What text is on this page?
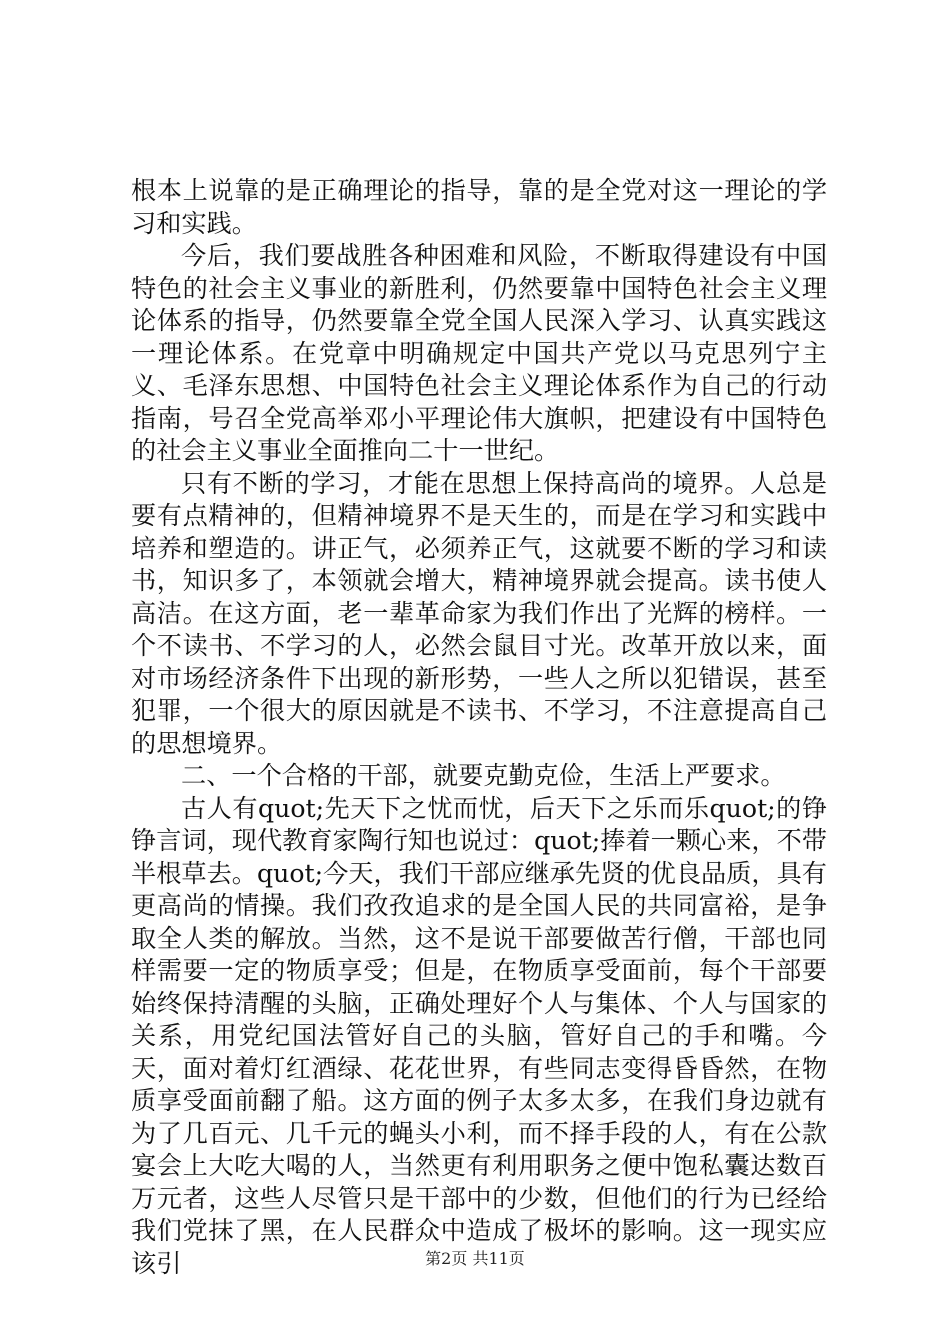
根本上说靠的是正确理论的指导，靠的是全党对这一理论的学习和实践。

今后，我们要战胜各种困难和风险，不断取得建设有中国特色的社会主义事业的新胜利，仍然要靠中国特色社会主义理论体系的指导，仍然要靠全党全国人民深入学习、认真实践这一理论体系。在党章中明确规定中国共产党以马克思列宁主义、毛泽东思想、中国特色社会主义理论体系作为自己的行动指南，号召全党高举邓小平理论伟大旗帜，把建设有中国特色的社会主义事业全面推向二十一世纪。

只有不断的学习，才能在思想上保持高尚的境界。人总是要有点精神的，但精神境界不是天生的，而是在学习和实践中培养和塑造的。讲正气，必须养正气，这就要不断的学习和读书，知识多了，本领就会增大，精神境界就会提高。读书使人高洁。在这方面，老一辈革命家为我们作出了光辉的榜样。一个不读书、不学习的人，必然会鼠目寸光。改革开放以来，面对市场经济条件下出现的新形势，一些人之所以犯错误，甚至犯罪，一个很大的原因就是不读书、不学习，不注意提高自己的思想境界。

二、一个合格的干部，就要克勤克俭，生活上严要求。

古人有quot;先天下之忧而忧，后天下之乐而乐quot;的铮铮言词，现代教育家陶行知也说过：quot;捧着一颗心来，不带半根草去。quot;今天，我们干部应继承先贤的优良品质，具有更高尚的情操。我们孜孜追求的是全国人民的共同富裕，是争取全人类的解放。当然，这不是说干部要做苦行僧，干部也同样需要一定的物质享受；但是，在物质享受面前，每个干部要始终保持清醒的头脑，正确处理好个人与集体、个人与国家的关系，用党纪国法管好自己的头脑，管好自己的手和嘴。今天，面对着灯红酒绿、花花世界，有些同志变得昏昏然，在物质享受面前翻了船。这方面的例子太多太多，在我们身边就有为了几百元、几千元的蝇头小利，而不择手段的人，有在公款宴会上大吃大喝的人，当然更有利用职务之便中饱私囊达数百万元者，这些人尽管只是干部中的少数，但他们的行为已经给我们党抹了黑，在人民群众中造成了极坏的影响。这一现实应该引	第2页 共11页
